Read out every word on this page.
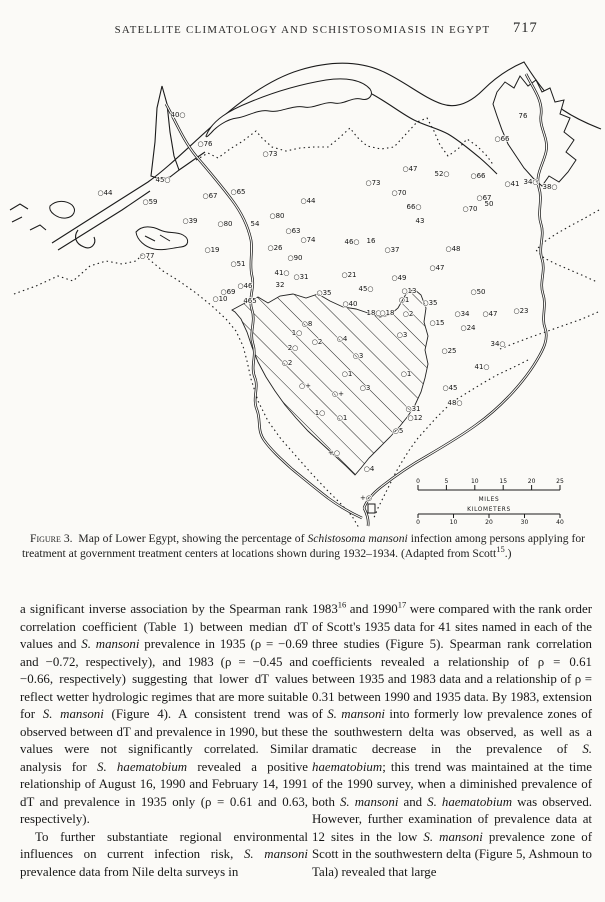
SATELLITE CLIMATOLOGY AND SCHISTOSOMIASIS IN EGYPT	717
40○
45○
○44
○59
○76
○73
○73
○67 ○65
○44
76
○66
○47
52○	○66
○41 34○
38○
○70
66○
○67
50
○70
○39
○77
○80
○80	54
○63
○74	46○ 16
○37
○19	○26
○90
○51
41○ ○31	○21
○46
○69
○10 465
32
○35	45○
○40
18○
○18
43
○48
○47
○49
○13
○35
○50
○34 ○47 ○23
○15
○24
34○
○25
41○
○2
○3
○1
○8
1○
○2 ○4
2○
○2
○3
○1
○+	○3
○+
1○
○1
+○
○5
○4
+○
○1
○45
48○
○31
○12
MILES
KILOMETERS
0	5	10	15	20	25
0	10	20	30	40
Figure 3. Map of Lower Egypt, showing the percentage of Schistosoma mansoni infection among persons applying for treatment at government treatment centers at locations shown during 1932–1934. (Adapted from Scott$^{15}$.)

a significant inverse association by the Spearman rank correlation coefficient (Table 1) between median dT values and S. mansoni prevalence in 1935 (ρ = −0.69 and −0.72, respectively), and 1983 (ρ = −0.45 and −0.66, respectively) suggesting that lower dT values reflect wetter hydrologic regimes that are more suitable for S. mansoni (Figure 4). A consistent trend was observed between dT and prevalence in 1990, but these values were not significantly correlated. Similar analysis for S. haematobium revealed a positive relationship of August 16, 1990 and February 14, 1991 dT and prevalence in 1935 only (ρ = 0.61 and 0.63, respectively).

To further substantiate regional environmental influences on current infection risk, S. mansoni prevalence data from Nile delta surveys in

1983$^{16}$ and 1990$^{17}$ were compared with the rank order of Scott's 1935 data for 41 sites named in each of the three studies (Figure 5). Spearman rank correlation coefficients revealed a relationship of ρ = 0.61 between 1935 and 1983 data and a relationship of ρ = 0.31 between 1990 and 1935 data. By 1983, extension of S. mansoni into formerly low prevalence zones of the southwestern delta was observed, as well as a dramatic decrease in the prevalence of S. haematobium; this trend was maintained at the time of the 1990 survey, when a diminished prevalence of both S. mansoni and S. haematobium was observed. However, further examination of prevalence data at 12 sites in the low S. mansoni prevalence zone of Scott in the southwestern delta (Figure 5, Ashmoun to Tala) revealed that large
